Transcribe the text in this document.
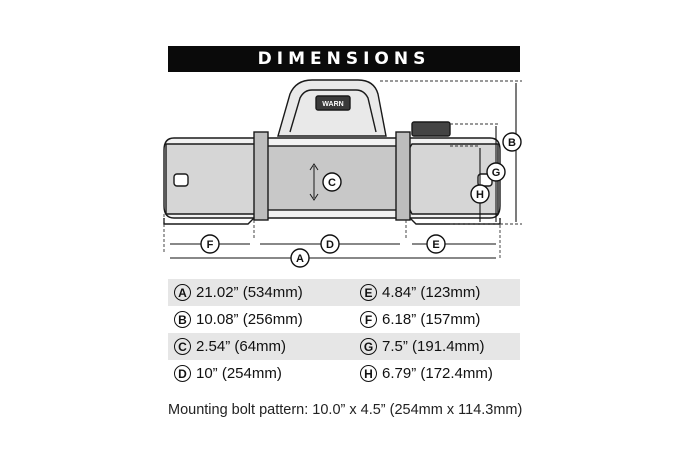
DIMENSIONS
C
B
G
H
F	D	E
A
WARN
A 21.02” (534mm)	E 4.84” (123mm)
B 10.08” (256mm)	F 6.18” (157mm)
C 2.54” (64mm)	G 7.5” (191.4mm)
D 10” (254mm)	H 6.79” (172.4mm)
Mounting bolt pattern: 10.0” x 4.5” (254mm x 114.3mm)
